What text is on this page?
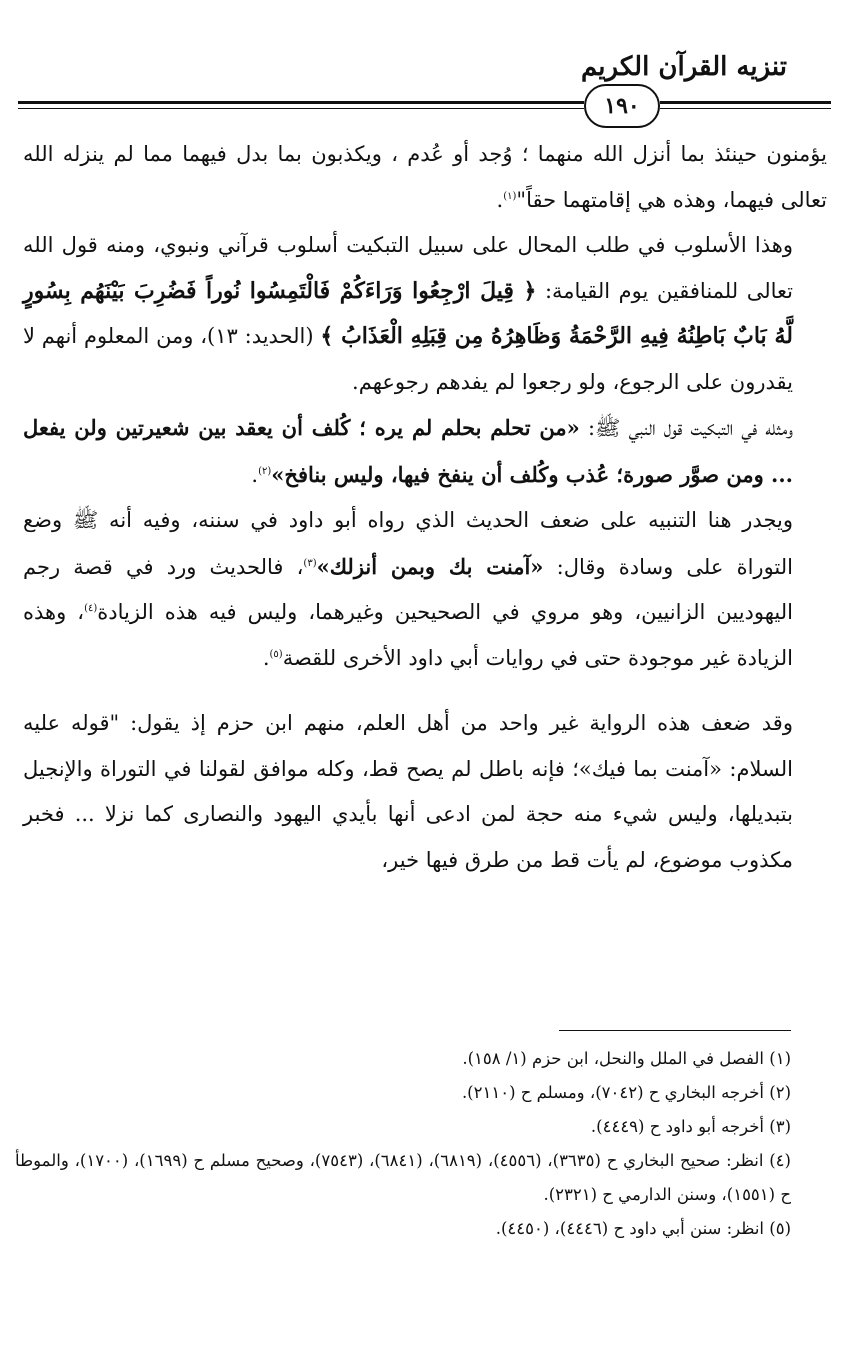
تنزيه القرآن الكريم
١٩٠

يؤمنون حينئذ بما أنزل الله منهما ؛ وُجد أو عُدم ، ويكذبون بما بدل فيهما مما لم ينزله الله تعالى فيهما، وهذه هي إقامتهما حقاً"$^{(١)}$.

وهذا الأسلوب في طلب المحال على سبيل التبكيت أسلوب قرآني ونبوي، ومنه قول الله تعالى للمنافقين يوم القيامة: ﴿ قِيلَ ارْجِعُوا وَرَاءَكُمْ فَالْتَمِسُوا نُوراً فَضُرِبَ بَيْنَهُم بِسُورٍ لَّهُ بَابٌ بَاطِنُهُ فِيهِ الرَّحْمَةُ وَظَاهِرُهُ مِن قِبَلِهِ الْعَذَابُ ﴾ (الحديد: ١٣)، ومن المعلوم أنهم لا يقدرون على الرجوع، ولو رجعوا لم يفدهم رجوعهم.

ومثله في التبكيت قول النبي ﷺ: «من تحلم بحلم لم يره ؛ كُلف أن يعقد بين شعيرتين ولن يفعل ... ومن صوَّر صورة؛ عُذب وكُلف أن ينفخ فيها، وليس بنافخ»$^{(٢)}$.

ويجدر هنا التنبيه على ضعف الحديث الذي رواه أبو داود في سننه، وفيه أنه ﷺ وضع التوراة على وسادة وقال: «آمنت بك وبمن أنزلك»$^{(٣)}$، فالحديث ورد في قصة رجم اليهوديين الزانيين، وهو مروي في الصحيحين وغيرهما، وليس فيه هذه الزيادة$^{(٤)}$، وهذه الزيادة غير موجودة حتى في روايات أبي داود الأخرى للقصة$^{(٥)}$.

وقد ضعف هذه الرواية غير واحد من أهل العلم، منهم ابن حزم إذ يقول: "قوله عليه السلام: «آمنت بما فيك»؛ فإنه باطل لم يصح قط، وكله موافق لقولنا في التوراة والإنجيل بتبديلها، وليس شيء منه حجة لمن ادعى أنها بأيدي اليهود والنصارى كما نزلا ... فخبر مكذوب موضوع، لم يأت قط من طرق فيها خير،

(١) الفصل في الملل والنحل، ابن حزم (١/ ١٥٨).

(٢) أخرجه البخاري ح (٧٠٤٢)، ومسلم ح (٢١١٠).

(٣) أخرجه أبو داود ح (٤٤٤٩).

(٤) انظر: صحيح البخاري ح (٣٦٣٥)، (٤٥٥٦)، (٦٨١٩)، (٦٨٤١)، (٧٥٤٣)، وصحيح مسلم ح (١٦٩٩)، (١٧٠٠)، والموطأ ح (١٥٥١)، وسنن الدارمي ح (٢٣٢١).

(٥) انظر: سنن أبي داود ح (٤٤٤٦)، (٤٤٥٠).
